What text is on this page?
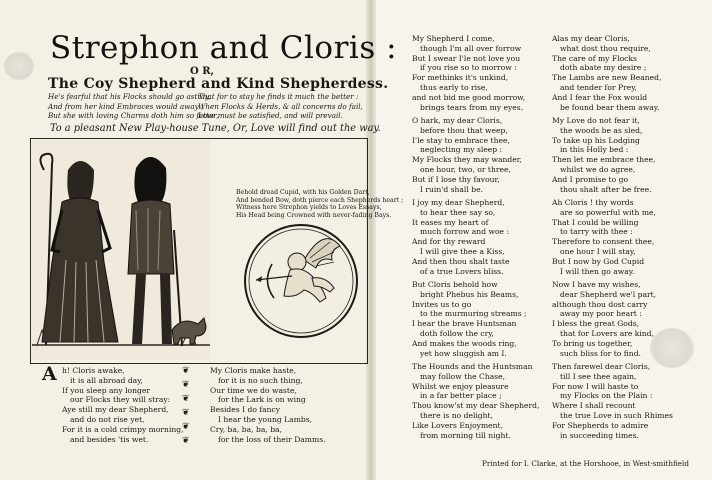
Strephon and Cloris :
O R,
The Coy Shepherd and Kind Shepherdess.
He's fearful that his Flocks should go astray,
And from her kind Embraces would away ;
But she with loving Charms doth him so fetter,
That for to stay he finds it much the better :
When Flocks & Herds, & all concerns do fail,
Love must be satisfied, and will prevail.
To a pleasant New Play-house Tune, Or, Love will find out the way.
Behold dread Cupid, with his Golden Dart,
And bended Bow, doth pierce each Shepherds heart ;
Witness here Strephon yields to Loves Essays,
His Head being Crowned with never-fading Bays.
A h! Cloris awake,
it is all abroad day,
If you sleep any longer
our Flocks they will stray:
Aye still my dear Shepherd,
and do not rise yet,
For it is a cold crimpy morning,
and besides 'tis wet.
❦
❦
❦
❦
❦
❦
My Cloris make haste,
for it is no such thing,
Our time we do waste,
for the Lark is on wing
Besides I do fancy
I hear the young Lambs,
Cry, ba, ba, ba, ba,
for the loss of their Damms.
My Shepherd I come,
though I'm all over forrow
But I swear I'le not love you
if you rise so to morrow :
For methinks it's unkind,
thus early to rise,
and not bid me good morrow,
brings tears from my eyes.
O hark, my dear Cloris,
before thou that weep,
I'le stay to embrace thee,
neglecting my sleep :
My Flocks they may wander,
one hour, two, or three,
But if I lose thy favour,
I ruin'd shall be.
I joy my dear Shepherd,
to hear thee say so,
It eases my heart of
much forrow and woe :
And for thy reward
I will give thee a Kiss,
And then thou shalt taste
of a true Lovers bliss.
But Cloris behold how
bright Phebus his Beams,
Invites us to go
to the murmuring streams ;
I hear the brave Huntsman
doth follow the cry,
And makes the woods ring,
yet how sluggish am I.
The Hounds and the Huntsman
may follow the Chase,
Whilst we enjoy pleasure
in a far better place ;
Thou know'st my dear Shepherd,
there is no delight,
Like Lovers Enjoyment,
from morning till night.
Alas my dear Cloris,
what dost thou require,
The care of my Flocks
doth abate my desire ;
The Lambs are new Beaned,
and tender for Prey,
And I fear the Fox would
be found bear them away.
My Love do not fear it,
the woods be as sled,
To take up his Lodging
in this Holly bed :
Then let me embrace thee,
whilst we do agree,
And I promise to go
thou shalt after be free.
Ah Cloris ! thy words
are so powerful with me,
That I could be willing
to tarry with thee :
Therefore to consent thee,
one hour I will stay,
But I now by God Cupid
I will then go away.
Now I have my wishes,
dear Shepherd we'l part,
although thou dost carry
away my poor heart :
I bless the great Gods,
that for Lovers are kind,
To bring us together,
such bliss for to find.
Then farewel dear Cloris,
till I see thee again,
For now I will haste to
my Flocks on the Plain :
Where I shall recount
the true Love in such Rhimes
For Shepherds to admire
in succeeding times.
Printed for I. Clarke, at the Horshooe, in West-smithfield
